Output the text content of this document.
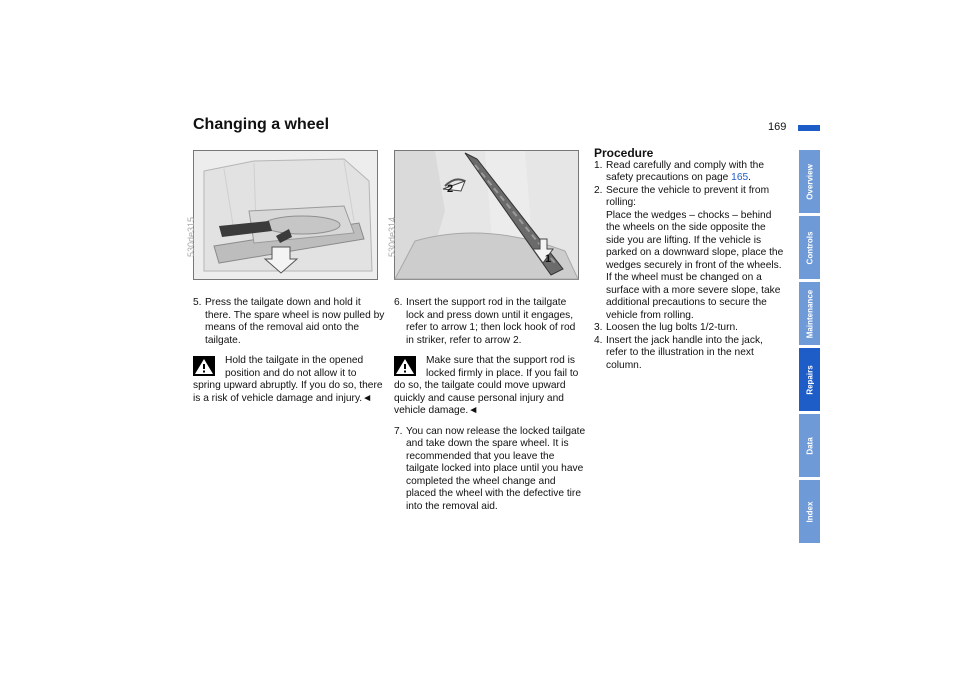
Changing a wheel	169
Overview
Controls
Maintenance
Repairs
Data
Index
530de315	530de314
2
1

5. Press the tailgate down and hold it there. The spare wheel is now pulled by means of the removal aid onto the tailgate.

Hold the tailgate in the opened position and do not allow it to

spring upward abruptly. If you do so, there is a risk of vehicle damage and injury.◄

6. Insert the support rod in the tailgate lock and press down until it engages, refer to arrow 1; then lock hook of rod in striker, refer to arrow 2.

Make sure that the support rod is locked firmly in place. If you fail to

do so, the tailgate could move upward quickly and cause personal injury and vehicle damage.◄

7. You can now release the locked tailgate and take down the spare wheel. It is recommended that you leave the tailgate locked into place until you have completed the wheel change and placed the wheel with the defective tire into the removal aid.

Procedure

1. Read carefully and comply with the safety precautions on page 165.

2. Secure the vehicle to prevent it from rolling:
Place the wedges – chocks – behind the wheels on the side opposite the side you are lifting. If the vehicle is parked on a downward slope, place the wedges securely in front of the wheels. If the wheel must be changed on a surface with a more severe slope, take additional precautions to secure the vehicle from rolling.

3. Loosen the lug bolts 1/2-turn.

4. Insert the jack handle into the jack, refer to the illustration in the next column.
